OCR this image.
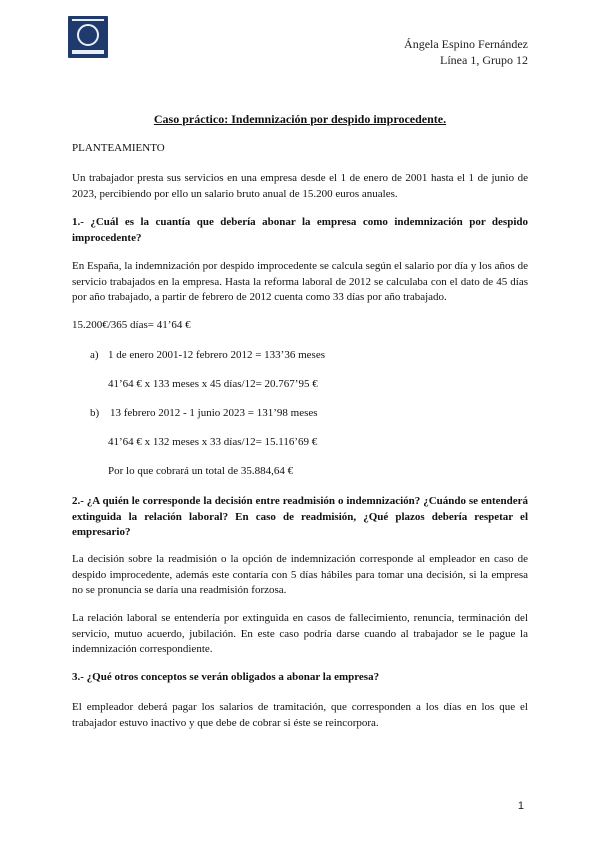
Ángela Espino Fernández
Línea 1, Grupo 12
Caso práctico: Indemnización por despido improcedente.

PLANTEAMIENTO

Un trabajador presta sus servicios en una empresa desde el 1 de enero de 2001 hasta el 1 de junio de 2023, percibiendo por ello un salario bruto anual de 15.200 euros anuales.

1.- ¿Cuál es la cuantía que debería abonar la empresa como indemnización por despido improcedente?

En España, la indemnización por despido improcedente se calcula según el salario por día y los años de servicio trabajados en la empresa. Hasta la reforma laboral de 2012 se calculaba con el dato de 45 días por año trabajado, a partir de febrero de 2012 cuenta como 33 días por año trabajado.

15.200€/365 días= 41’64 €

a) 1 de enero 2001-12 febrero 2012 = 133’36 meses
41’64 € x 133 meses x 45 días/12= 20.767’95 €
b) 13 febrero 2012 - 1 junio 2023 = 131’98 meses
41’64 € x 132 meses x 33 días/12= 15.116’69 €
Por lo que cobrará un total de 35.884,64 €

2.- ¿A quién le corresponde la decisión entre readmisión o indemnización? ¿Cuándo se entenderá extinguida la relación laboral? En caso de readmisión, ¿Qué plazos debería respetar el empresario?

La decisión sobre la readmisión o la opción de indemnización corresponde al empleador en caso de despido improcedente, además este contaría con 5 días hábiles para tomar una decisión, si la empresa no se pronuncia se daría una readmisión forzosa.

La relación laboral se entendería por extinguida en casos de fallecimiento, renuncia, terminación del servicio, mutuo acuerdo, jubilación. En este caso podría darse cuando al trabajador se le pague la indemnización correspondiente.

3.- ¿Qué otros conceptos se verán obligados a abonar la empresa?

El empleador deberá pagar los salarios de tramitación, que corresponden a los días en los que el trabajador estuvo inactivo y que debe de cobrar si éste se reincorpora.

1
